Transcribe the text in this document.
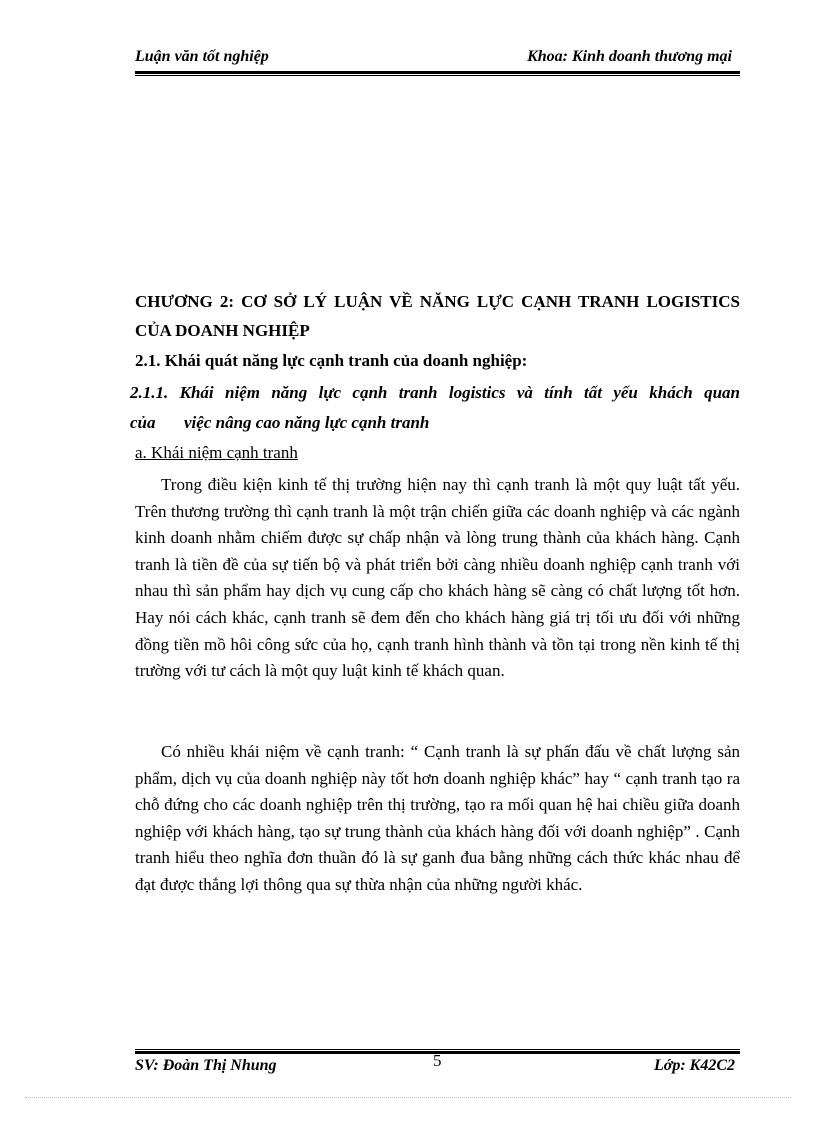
Luận văn tốt nghiệp	Khoa: Kinh doanh thương mại
CHƯƠNG 2: CƠ SỞ LÝ LUẬN VỀ NĂNG LỰC CẠNH TRANH LOGISTICS CỦA DOANH NGHIỆP
2.1. Khái quát năng lực cạnh tranh của doanh nghiệp:
2.1.1. Khái niệm năng lực cạnh tranh logistics và tính tất yếu khách quan
của việc nâng cao năng lực cạnh tranh
a. Khái niệm cạnh tranh

Trong điều kiện kinh tế thị trường hiện nay thì cạnh tranh là một quy luật tất yếu. Trên thương trường thì cạnh tranh là một trận chiến giữa các doanh nghiệp và các ngành kinh doanh nhằm chiếm được sự chấp nhận và lòng trung thành của khách hàng. Cạnh tranh là tiền đề của sự tiến bộ và phát triển bởi càng nhiều doanh nghiệp cạnh tranh với nhau thì sản phẩm hay dịch vụ cung cấp cho khách hàng sẽ càng có chất lượng tốt hơn. Hay nói cách khác, cạnh tranh sẽ đem đến cho khách hàng giá trị tối ưu đối với những đồng tiền mồ hôi công sức của họ, cạnh tranh hình thành và tồn tại trong nền kinh tế thị trường với tư cách là một quy luật kinh tế khách quan.

Có nhiều khái niệm về cạnh tranh: “ Cạnh tranh là sự phấn đấu về chất lượng sản phẩm, dịch vụ của doanh nghiệp này tốt hơn doanh nghiệp khác” hay “ cạnh tranh tạo ra chỗ đứng cho các doanh nghiệp trên thị trường, tạo ra mối quan hệ hai chiều giữa doanh nghiệp với khách hàng, tạo sự trung thành của khách hàng đối với doanh nghiệp” . Cạnh tranh hiểu theo nghĩa đơn thuần đó là sự ganh đua bằng những cách thức khác nhau để đạt được thắng lợi thông qua sự thừa nhận của những người khác.

SV: Đoàn Thị Nhung	5	Lớp: K42C2
